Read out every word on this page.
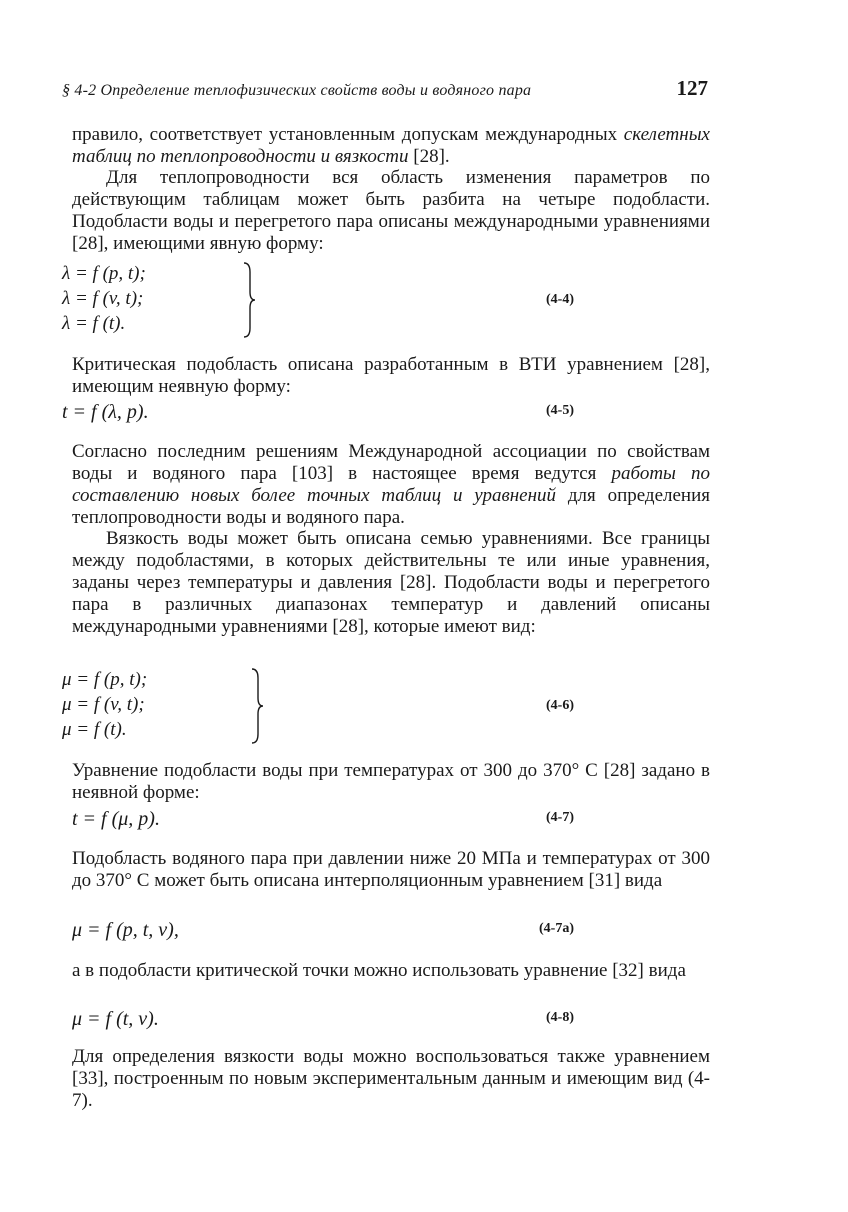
§ 4-2 Определение теплофизических свойств воды и водяного пара	127

правило, соответствует установленным допускам международных скелетных таблиц по теплопроводности и вязкости [28].

Для теплопроводности вся область изменения параметров по действующим таблицам может быть разбита на четыре подобласти. Подобласти воды и перегретого пара описаны международными уравнениями [28], имеющими явную форму:

λ = f (p, t);
λ = f (v, t);
λ = f (t).
(4-4)

Критическая подобласть описана разработанным в ВТИ уравнением [28], имеющим неявную форму:

t = f (λ, p).	(4-5)

Согласно последним решениям Международной ассоциации по свойствам воды и водяного пара [103] в настоящее время ведутся работы по составлению новых более точных таблиц и уравнений для определения теплопроводности воды и водяного пара.

Вязкость воды может быть описана семью уравнениями. Все границы между подобластями, в которых действительны те или иные уравнения, заданы через температуры и давления [28]. Подобласти воды и перегретого пара в различных диапазонах температур и давлений описаны международными уравнениями [28], которые имеют вид:

μ = f (p, t);
μ = f (v, t);
μ = f (t).
(4-6)

Уравнение подобласти воды при температурах от 300 до 370° С [28] задано в неявной форме:

t = f (μ, p).	(4-7)

Подобласть водяного пара при давлении ниже 20 МПа и температурах от 300 до 370° С может быть описана интерполяционным уравнением [31] вида

μ = f (p, t, v),	(4-7а)

а в подобласти критической точки можно использовать уравнение [32] вида

μ = f (t, v).	(4-8)

Для определения вязкости воды можно воспользоваться также уравнением [33], построенным по новым экспериментальным данным и имеющим вид (4-7).
